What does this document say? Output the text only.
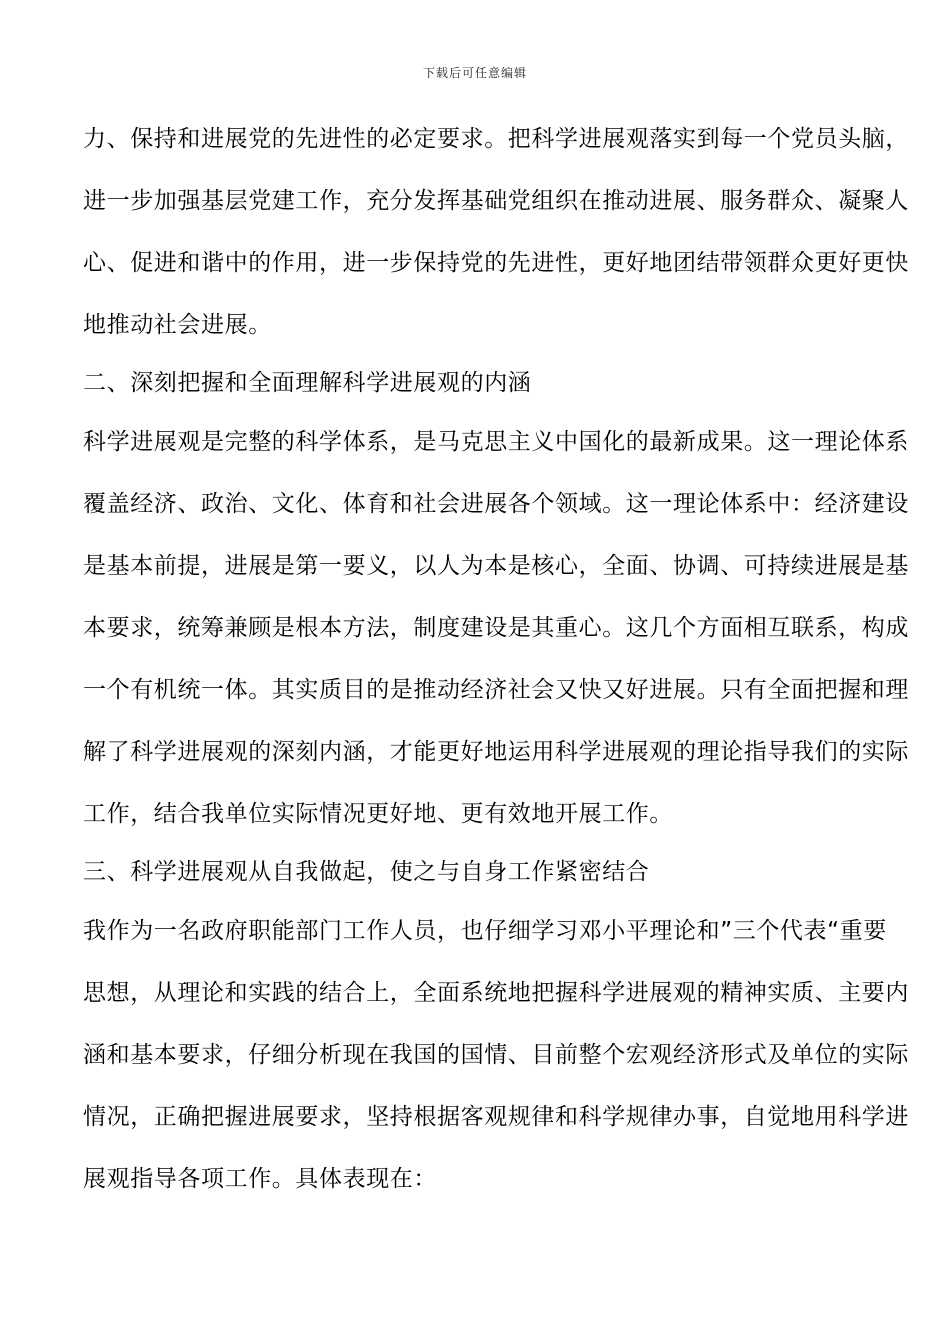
下载后可任意编辑
力、保持和进展党的先进性的必定要求。把科学进展观落实到每一个党员头脑，
进一步加强基层党建工作，充分发挥基础党组织在推动进展、服务群众、凝聚人
心、促进和谐中的作用，进一步保持党的先进性，更好地团结带领群众更好更快
地推动社会进展。
二、深刻把握和全面理解科学进展观的内涵
科学进展观是完整的科学体系，是马克思主义中国化的最新成果。这一理论体系
覆盖经济、政治、文化、体育和社会进展各个领域。这一理论体系中：经济建设
是基本前提，进展是第一要义，以人为本是核心，全面、协调、可持续进展是基
本要求，统筹兼顾是根本方法，制度建设是其重心。这几个方面相互联系，构成
一个有机统一体。其实质目的是推动经济社会又快又好进展。只有全面把握和理
解了科学进展观的深刻内涵，才能更好地运用科学进展观的理论指导我们的实际
工作，结合我单位实际情况更好地、更有效地开展工作。
三、科学进展观从自我做起，使之与自身工作紧密结合
我作为一名政府职能部门工作人员，也仔细学习邓小平理论和”三个代表“重要
思想，从理论和实践的结合上，全面系统地把握科学进展观的精神实质、主要内
涵和基本要求，仔细分析现在我国的国情、目前整个宏观经济形式及单位的实际
情况，正确把握进展要求，坚持根据客观规律和科学规律办事，自觉地用科学进
展观指导各项工作。具体表现在：
